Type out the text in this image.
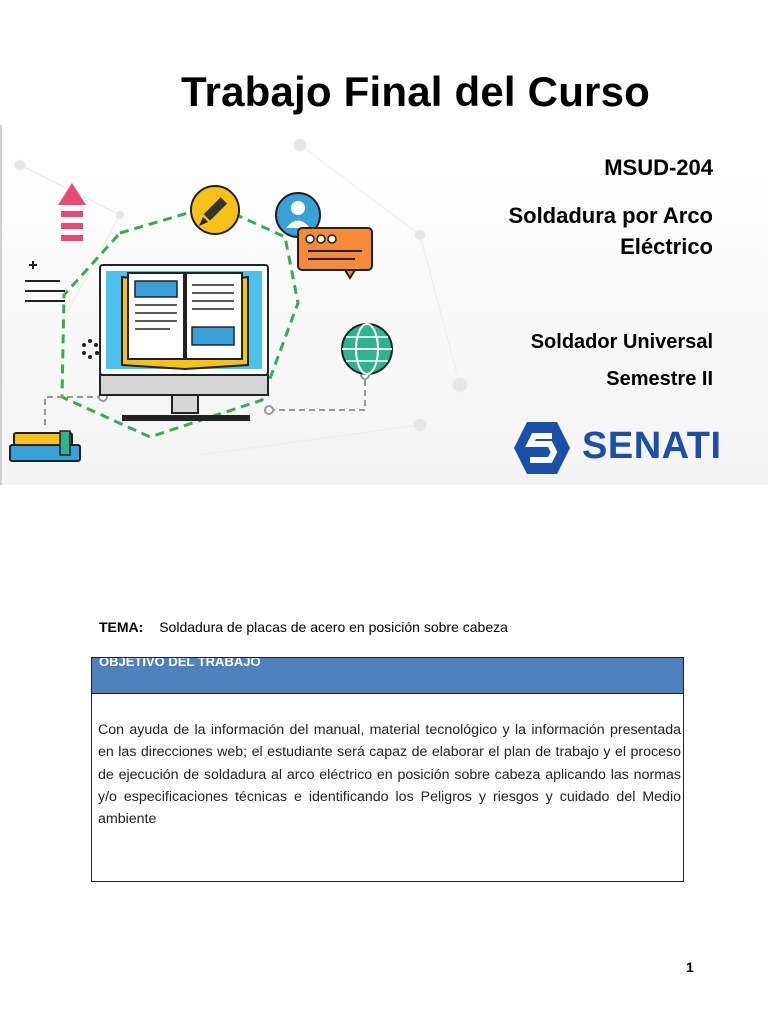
Trabajo Final del Curso
MSUD-204
Soldadura por Arco
Eléctrico
Soldador Universal
Semestre II
SENATI
TEMA: Soldadura de placas de acero en posición sobre cabeza
OBJETIVO DEL TRABAJO
Con ayuda de la información del manual, material tecnológico y la información presentada en las direcciones web; el estudiante será capaz de elaborar el plan de trabajo y el proceso de ejecución de soldadura al arco eléctrico en posición sobre cabeza aplicando las normas y/o especificaciones técnicas e identificando los Peligros y riesgos y cuidado del Medio ambiente
1
